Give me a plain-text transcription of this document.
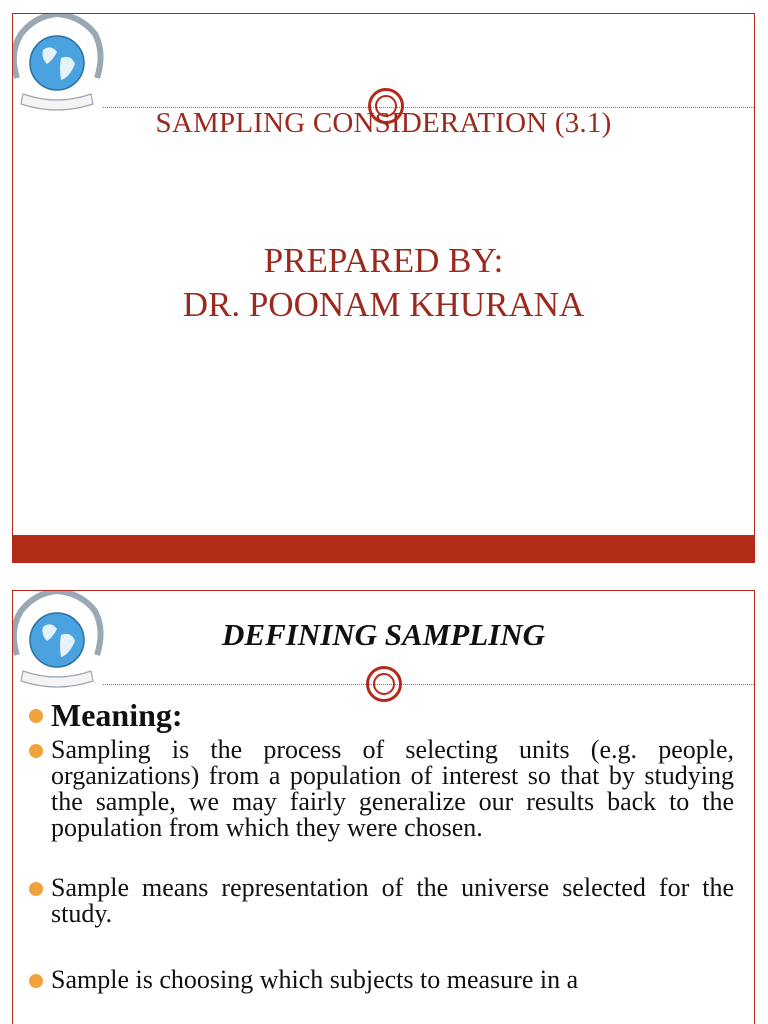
SAMPLING CONSIDERATION (3.1)
PREPARED BY:
DR. POONAM KHURANA
DEFINING SAMPLING
Meaning:
Sampling is the process of selecting units (e.g. people, organizations) from a population of interest so that by studying the sample, we may fairly generalize our results back to the population from which they were chosen.
Sample means representation of the universe selected for the study.
Sample is choosing which subjects to measure in a
